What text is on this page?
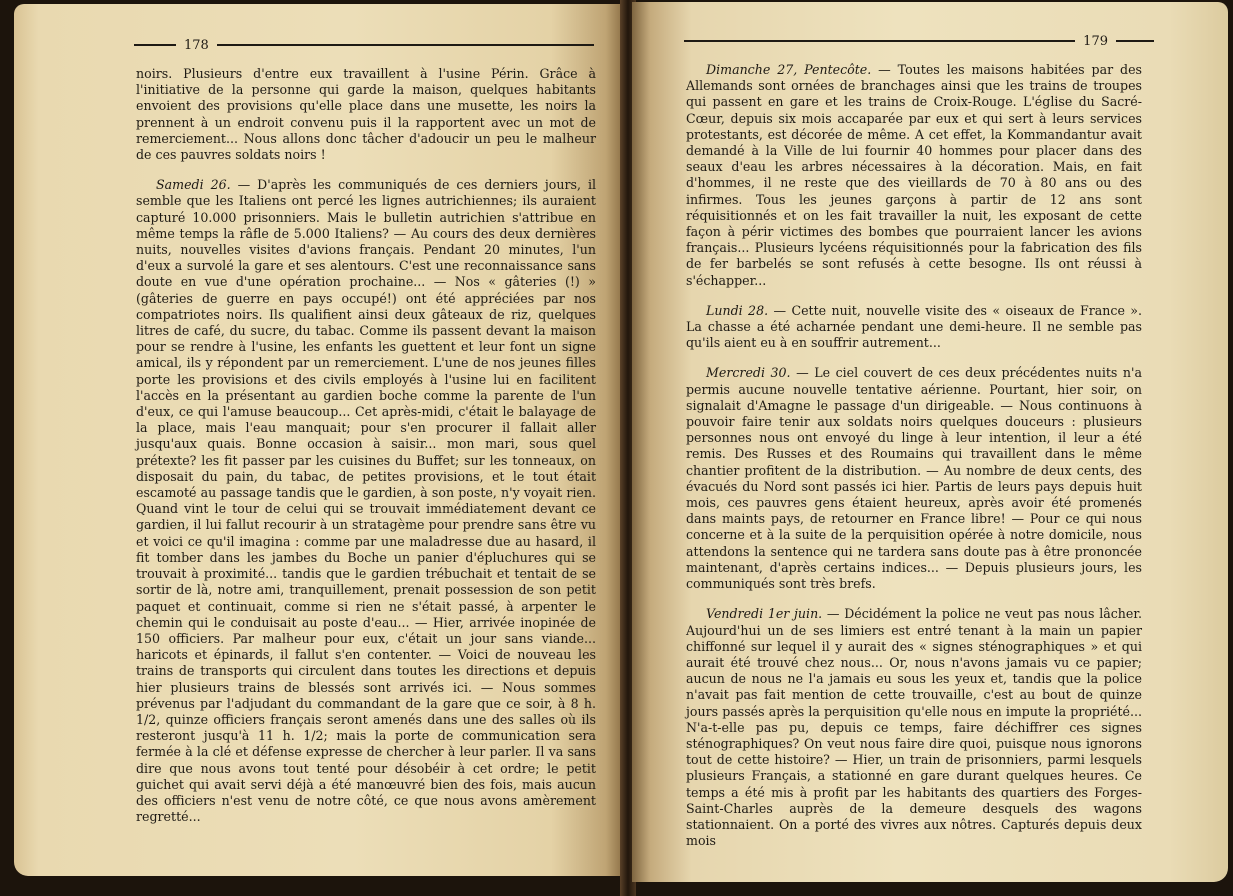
178

noirs. Plusieurs d'entre eux travaillent à l'usine Périn. Grâce à l'initiative de la personne qui garde la maison, quelques habitants envoient des provisions qu'elle place dans une musette, les noirs la prennent à un endroit convenu puis il la rapportent avec un mot de remerciement... Nous allons donc tâcher d'adoucir un peu le malheur de ces pauvres soldats noirs !

Samedi 26. — D'après les communiqués de ces derniers jours, il semble que les Italiens ont percé les lignes autrichiennes; ils auraient capturé 10.000 prisonniers. Mais le bulletin autrichien s'attribue en même temps la râfle de 5.000 Italiens? — Au cours des deux dernières nuits, nouvelles visites d'avions français. Pendant 20 minutes, l'un d'eux a survolé la gare et ses alentours. C'est une reconnaissance sans doute en vue d'une opération prochaine... — Nos « gâteries (!) » (gâteries de guerre en pays occupé!) ont été appréciées par nos compatriotes noirs. Ils qualifient ainsi deux gâteaux de riz, quelques litres de café, du sucre, du tabac. Comme ils passent devant la maison pour se rendre à l'usine, les enfants les guettent et leur font un signe amical, ils y répondent par un remerciement. L'une de nos jeunes filles porte les provisions et des civils employés à l'usine lui en facilitent l'accès en la présentant au gardien boche comme la parente de l'un d'eux, ce qui l'amuse beaucoup... Cet après-midi, c'était le balayage de la place, mais l'eau manquait; pour s'en procurer il fallait aller jusqu'aux quais. Bonne occasion à saisir... mon mari, sous quel prétexte? les fit passer par les cuisines du Buffet; sur les tonneaux, on disposait du pain, du tabac, de petites provisions, et le tout était escamoté au passage tandis que le gardien, à son poste, n'y voyait rien. Quand vint le tour de celui qui se trouvait immédiatement devant ce gardien, il lui fallut recourir à un stratagème pour prendre sans être vu et voici ce qu'il imagina : comme par une maladresse due au hasard, il fit tomber dans les jambes du Boche un panier d'épluchures qui se trouvait à proximité... tandis que le gardien trébuchait et tentait de se sortir de là, notre ami, tranquillement, prenait possession de son petit paquet et continuait, comme si rien ne s'était passé, à arpenter le chemin qui le conduisait au poste d'eau... — Hier, arrivée inopinée de 150 officiers. Par malheur pour eux, c'était un jour sans viande... haricots et épinards, il fallut s'en contenter. — Voici de nouveau les trains de transports qui circulent dans toutes les directions et depuis hier plusieurs trains de blessés sont arrivés ici. — Nous sommes prévenus par l'adjudant du commandant de la gare que ce soir, à 8 h. 1/2, quinze officiers français seront amenés dans une des salles où ils resteront jusqu'à 11 h. 1/2; mais la porte de communication sera fermée à la clé et défense expresse de chercher à leur parler. Il va sans dire que nous avons tout tenté pour désobéir à cet ordre; le petit guichet qui avait servi déjà a été manœuvré bien des fois, mais aucun des officiers n'est venu de notre côté, ce que nous avons amèrement regretté...

179

Dimanche 27, Pentecôte. — Toutes les maisons habitées par des Allemands sont ornées de branchages ainsi que les trains de troupes qui passent en gare et les trains de Croix-Rouge. L'église du Sacré-Cœur, depuis six mois accaparée par eux et qui sert à leurs services protestants, est décorée de même. A cet effet, la Kommandantur avait demandé à la Ville de lui fournir 40 hommes pour placer dans des seaux d'eau les arbres nécessaires à la décoration. Mais, en fait d'hommes, il ne reste que des vieillards de 70 à 80 ans ou des infirmes. Tous les jeunes garçons à partir de 12 ans sont réquisitionnés et on les fait travailler la nuit, les exposant de cette façon à périr victimes des bombes que pourraient lancer les avions français... Plusieurs lycéens réquisitionnés pour la fabrication des fils de fer barbelés se sont refusés à cette besogne. Ils ont réussi à s'échapper...

Lundi 28. — Cette nuit, nouvelle visite des « oiseaux de France ». La chasse a été acharnée pendant une demi-heure. Il ne semble pas qu'ils aient eu à en souffrir autrement...

Mercredi 30. — Le ciel couvert de ces deux précédentes nuits n'a permis aucune nouvelle tentative aérienne. Pourtant, hier soir, on signalait d'Amagne le passage d'un dirigeable. — Nous continuons à pouvoir faire tenir aux soldats noirs quelques douceurs : plusieurs personnes nous ont envoyé du linge à leur intention, il leur a été remis. Des Russes et des Roumains qui travaillent dans le même chantier profitent de la distribution. — Au nombre de deux cents, des évacués du Nord sont passés ici hier. Partis de leurs pays depuis huit mois, ces pauvres gens étaient heureux, après avoir été promenés dans maints pays, de retourner en France libre! — Pour ce qui nous concerne et à la suite de la perquisition opérée à notre domicile, nous attendons la sentence qui ne tardera sans doute pas à être prononcée maintenant, d'après certains indices... — Depuis plusieurs jours, les communiqués sont très brefs.

Vendredi 1er juin. — Décidément la police ne veut pas nous lâcher. Aujourd'hui un de ses limiers est entré tenant à la main un papier chiffonné sur lequel il y aurait des « signes sténographiques » et qui aurait été trouvé chez nous... Or, nous n'avons jamais vu ce papier; aucun de nous ne l'a jamais eu sous les yeux et, tandis que la police n'avait pas fait mention de cette trouvaille, c'est au bout de quinze jours passés après la perquisition qu'elle nous en impute la propriété... N'a-t-elle pas pu, depuis ce temps, faire déchiffrer ces signes sténographiques? On veut nous faire dire quoi, puisque nous ignorons tout de cette histoire? — Hier, un train de prisonniers, parmi lesquels plusieurs Français, a stationné en gare durant quelques heures. Ce temps a été mis à profit par les habitants des quartiers des Forges-Saint-Charles auprès de la demeure desquels des wagons stationnaient. On a porté des vivres aux nôtres. Capturés depuis deux mois
